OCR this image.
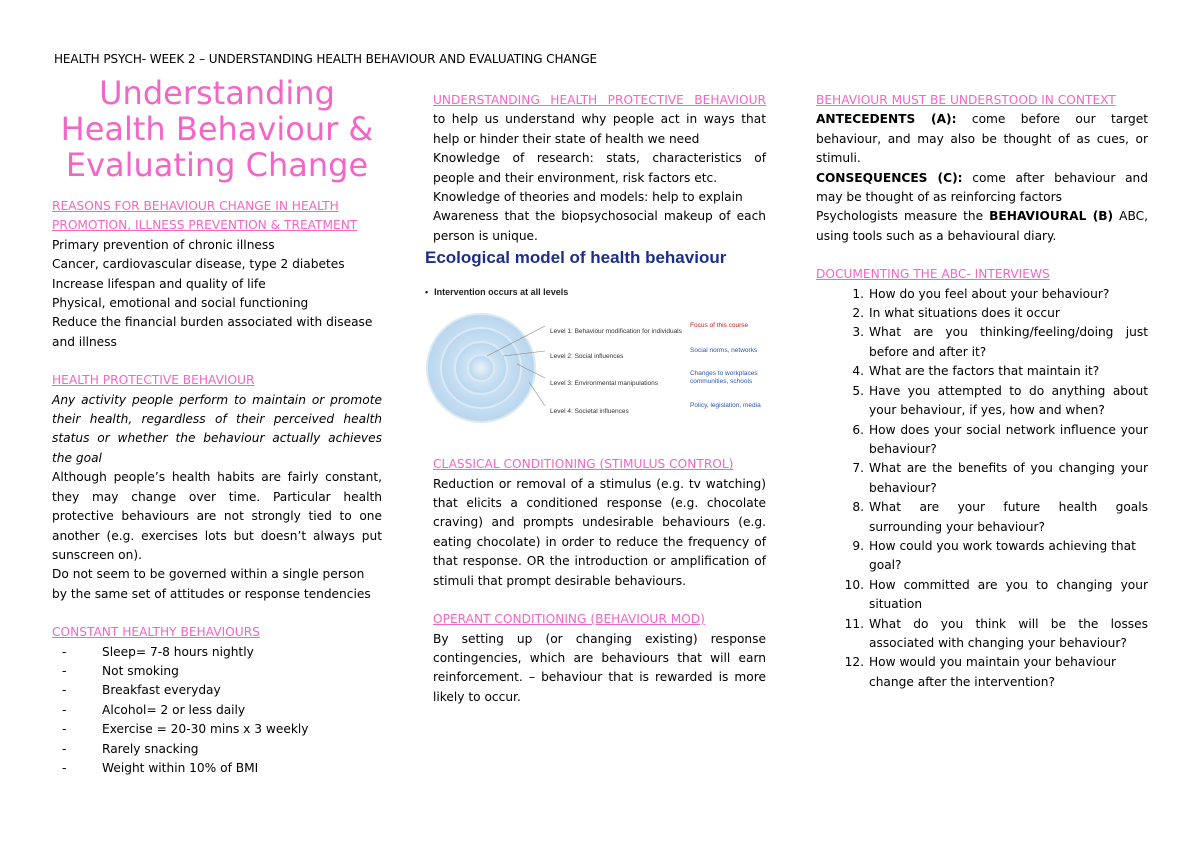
HEALTH PSYCH- WEEK 2 – UNDERSTANDING HEALTH BEHAVIOUR AND EVALUATING CHANGE
Understanding Health Behaviour & Evaluating Change
REASONS FOR BEHAVIOUR CHANGE IN HEALTH PROMOTION, ILLNESS PREVENTION & TREATMENT
Primary prevention of chronic illness
Cancer, cardiovascular disease, type 2 diabetes
Increase lifespan and quality of life
Physical, emotional and social functioning
Reduce the financial burden associated with disease and illness
HEALTH PROTECTIVE BEHAVIOUR
Any activity people perform to maintain or promote their health, regardless of their perceived health status or whether the behaviour actually achieves the goal
Although people’s health habits are fairly constant, they may change over time. Particular health protective behaviours are not strongly tied to one another (e.g. exercises lots but doesn’t always put sunscreen on).
Do not seem to be governed within a single person by the same set of attitudes or response tendencies
CONSTANT HEALTHY BEHAVIOURS
- Sleep= 7-8 hours nightly
- Not smoking
- Breakfast everyday
- Alcohol= 2 or less daily
- Exercise = 20-30 mins x 3 weekly
- Rarely snacking
- Weight within 10% of BMI
UNDERSTANDING HEALTH PROTECTIVE BEHAVIOUR
to help us understand why people act in ways that help or hinder their state of health we need
Knowledge of research: stats, characteristics of people and their environment, risk factors etc.
Knowledge of theories and models: help to explain
Awareness that the biopsychosocial makeup of each person is unique.
Ecological model of health behaviour
• Intervention occurs at all levels
Level 1: Behaviour modification for individuals
Level 2: Social influences
Level 3: Environmental manipulations
Level 4: Societal influences
Focus of this course
Social norms, networks
Changes to workplaces communities, schools
Policy, legislation, media
CLASSICAL CONDITIONING (STIMULUS CONTROL)
Reduction or removal of a stimulus (e.g. tv watching) that elicits a conditioned response (e.g. chocolate craving) and prompts undesirable behaviours (e.g. eating chocolate) in order to reduce the frequency of that response. OR the introduction or amplification of stimuli that prompt desirable behaviours.
OPERANT CONDITIONING (BEHAVIOUR MOD)
By setting up (or changing existing) response contingencies, which are behaviours that will earn reinforcement. – behaviour that is rewarded is more likely to occur.
BEHAVIOUR MUST BE UNDERSTOOD IN CONTEXT
ANTECEDENTS (A): come before our target behaviour, and may also be thought of as cues, or stimuli.
CONSEQUENCES (C): come after behaviour and may be thought of as reinforcing factors
Psychologists measure the BEHAVIOURAL (B) ABC, using tools such as a behavioural diary.
DOCUMENTING THE ABC- INTERVIEWS
1. How do you feel about your behaviour?
2. In what situations does it occur
3. What are you thinking/feeling/doing just before and after it?
4. What are the factors that maintain it?
5. Have you attempted to do anything about your behaviour, if yes, how and when?
6. How does your social network influence your behaviour?
7. What are the benefits of you changing your behaviour?
8. What are your future health goals surrounding your behaviour?
9. How could you work towards achieving that goal?
10. How committed are you to changing your situation
11. What do you think will be the losses associated with changing your behaviour?
12. How would you maintain your behaviour change after the intervention?
